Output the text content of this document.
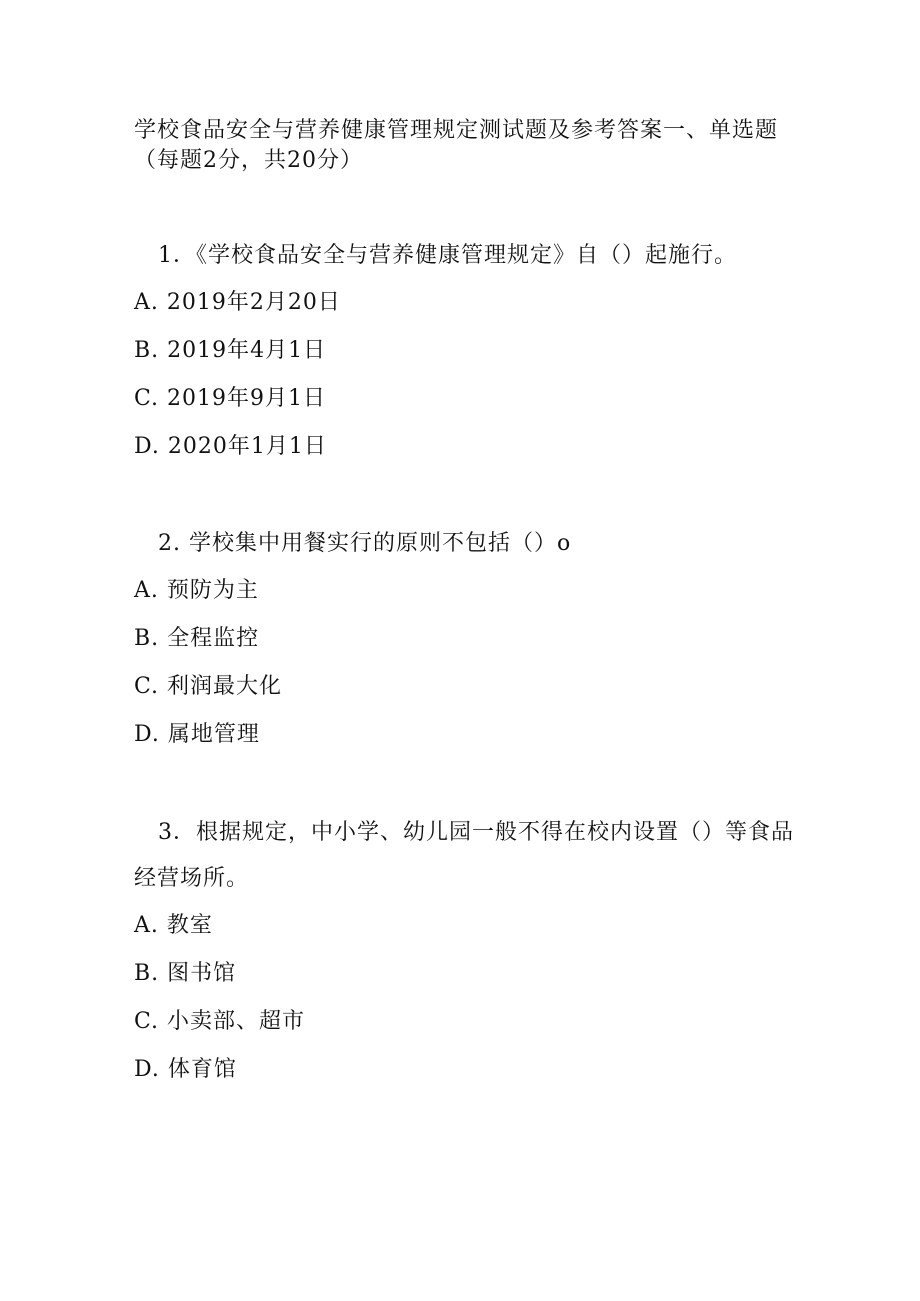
学校食品安全与营养健康管理规定测试题及参考答案一、单选题（每题2分，共20分）

1．《学校食品安全与营养健康管理规定》自（）起施行。

A. 2019年2月20日
B. 2019年4月1日
C. 2019年9月1日
D. 2020年1月1日

2. 学校集中用餐实行的原则不包括（）o

A. 预防为主
B. 全程监控
C. 利润最大化
D. 属地管理

3．根据规定，中小学、幼儿园一般不得在校内设置（）等食品经营场所。

A. 教室
B. 图书馆
C. 小卖部、超市
D. 体育馆
